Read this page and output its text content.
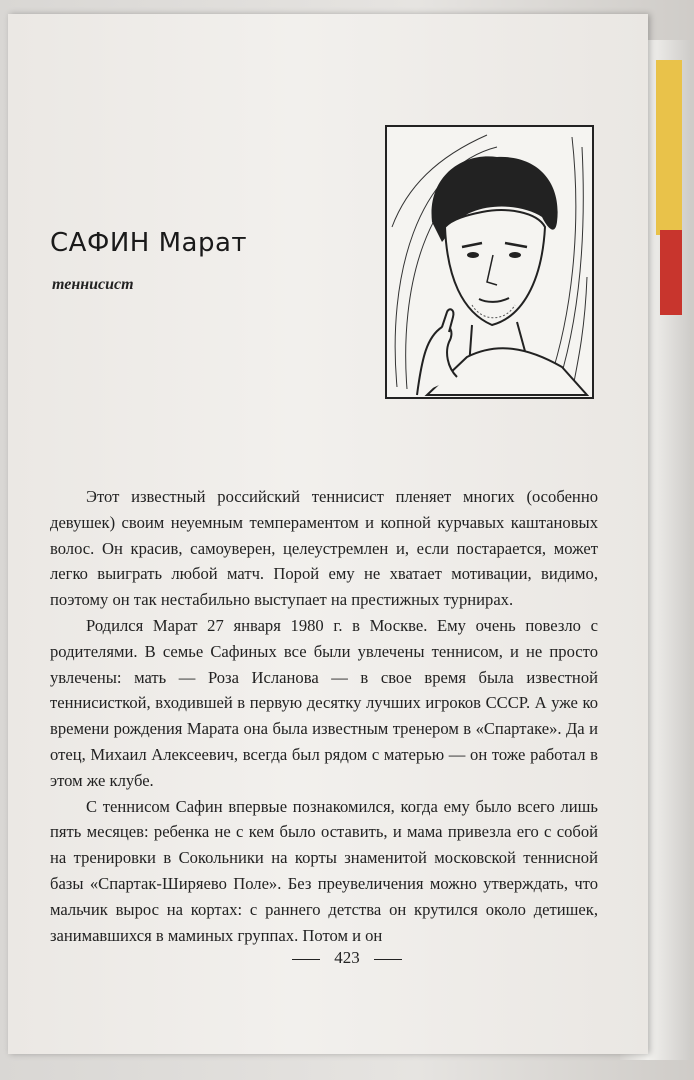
САФИН Марат
теннисист

Этот известный российский теннисист пленяет многих (особенно девушек) своим неуемным темпераментом и копной курчавых каштановых волос. Он красив, самоуверен, целеустремлен и, если постарается, может легко выиграть любой матч. Порой ему не хватает мотивации, видимо, поэтому он так нестабильно выступает на престижных турнирах.

Родился Марат 27 января 1980 г. в Москве. Ему очень повезло с родителями. В семье Сафиных все были увлечены теннисом, и не просто увлечены: мать — Роза Исланова — в свое время была известной теннисисткой, входившей в первую десятку лучших игроков СССР. А уже ко времени рождения Марата она была известным тренером в «Спартаке». Да и отец, Михаил Алексеевич, всегда был рядом с матерью — он тоже работал в этом же клубе.

С теннисом Сафин впервые познакомился, когда ему было всего лишь пять месяцев: ребенка не с кем было оставить, и мама привезла его с собой на тренировки в Сокольники на корты знаменитой московской теннисной базы «Спартак-Ширяево Поле». Без преувеличения можно утверждать, что мальчик вырос на кортах: с раннего детства он крутился около детишек, занимавшихся в маминых группах. Потом и он

423
